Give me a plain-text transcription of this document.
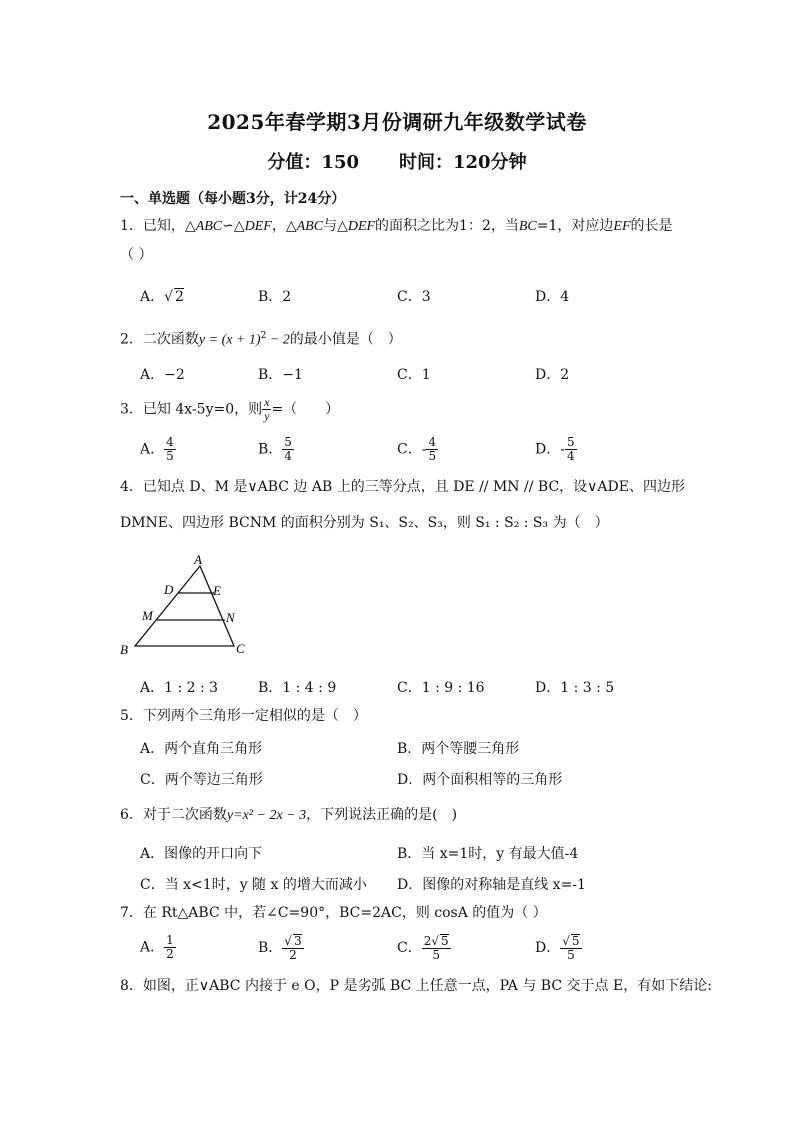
2025年春学期3月份调研九年级数学试卷
分值：150 时间：120分钟
一、单选题（每小题3分，计24分）
1．已知，△ABC∽△DEF，△ABC与△DEF的面积之比为1：2，当BC=1，对应边EF的长是
（ ）
A．√ 2	B．2	C．3	D．4
2．二次函数$y = (x + 1)^2 - 2$的最小值是（　）
A．−2	B．−1	C．1	D．2
3．已知 4x-5y=0，则 $\frac{x}{y}$ =（　　）
A． $\frac{4}{5}$	B． $\frac{5}{4}$	C．- $\frac{4}{5}$	D．- $\frac{5}{4}$
4．已知点 D、M 是∨ABC 边 AB 上的三等分点，且 DE // MN // BC，设∨ADE、四边形
DMNE、四边形 BCNM 的面积分别为 S₁、S₂、S₃，则 S₁ : S₂ : S₃ 为（　）
A
D	E
M	N
B	C
A．1 : 2 : 3	B．1 : 4 : 9	C．1 : 9 : 16	D．1 : 3 : 5
5．下列两个三角形一定相似的是（　）
A．两个直角三角形	B．两个等腰三角形
C．两个等边三角形	D．两个面积相等的三角形
6．对于二次函数y=x² − 2x − 3，下列说法正确的是(　)
A．图像的开口向下	B．当 x=1时，y 有最大值-4
C．当 x<1时，y 随 x 的增大而减小 D．图像的对称轴是直线 x=-1
7．在 Rt△ABC 中，若∠C=90°，BC=2AC，则 cosA 的值为（ ）
A． $\frac{1}{2}$	B． $\frac{√ 3}{2}$	C． $\frac{2√ 5}{5}$	D． $\frac{√ 5}{5}$
8．如图，正∨ABC 内接于 e O，P 是劣弧 BC 上任意一点，PA 与 BC 交于点 E，有如下结论:
